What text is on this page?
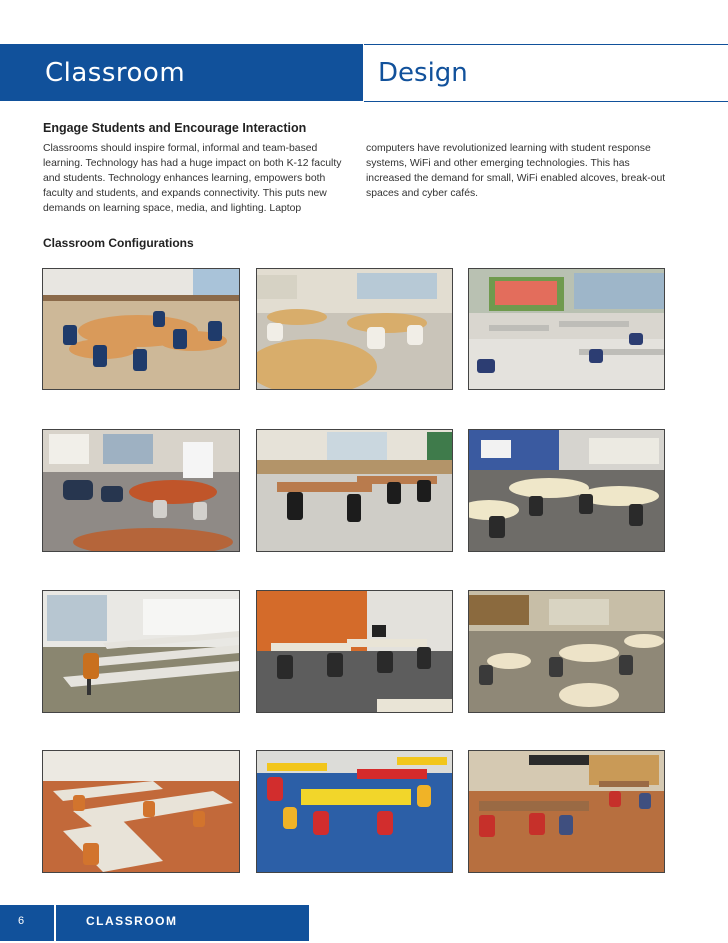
Classroom	Design
Engage Students and Encourage Interaction
Classrooms should inspire formal, informal and team-based
learning. Technology has had a huge impact on both K-12 faculty
and students. Technology enhances learning, empowers both
faculty and students, and expands connectivity. This puts new
demands on learning space, media, and lighting. Laptop
computers have revolutionized learning with student response
systems, WiFi and other emerging technologies. This has
increased the demand for small, WiFi enabled alcoves, break-out
spaces and cyber cafés.
Classroom Configurations
6	CLASSROOM
